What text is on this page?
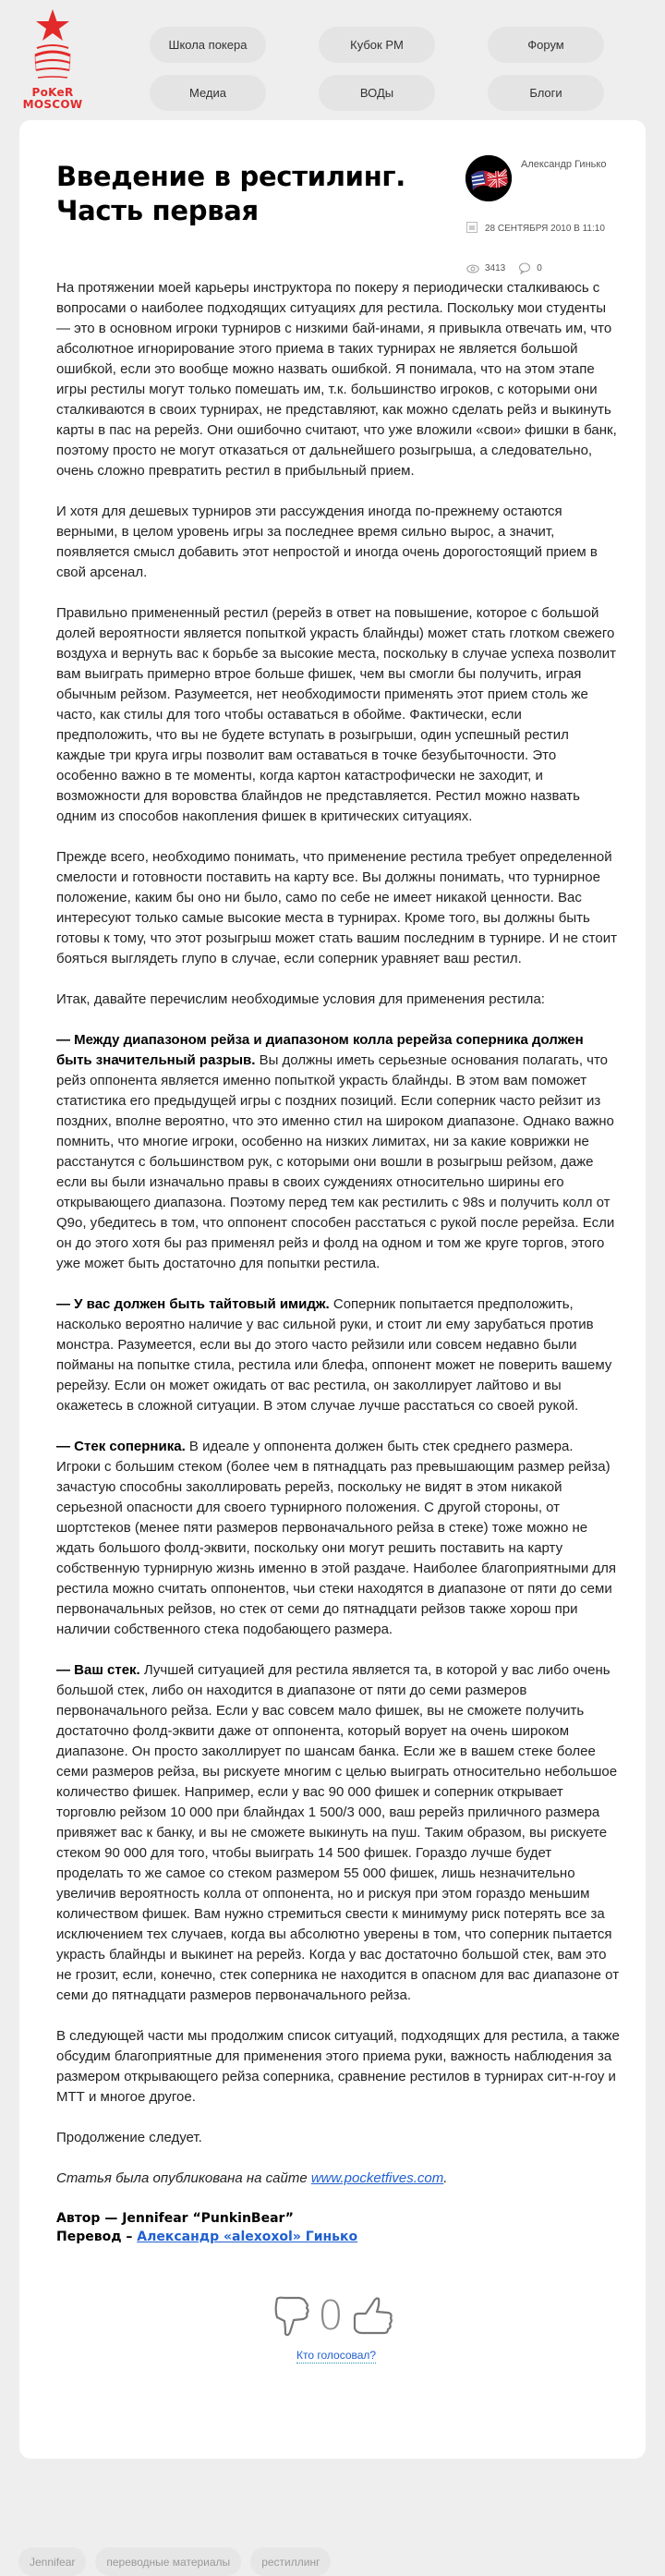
PoKeR
MOSCOW
Школа покера	Кубок PM	Форум
Медиа	ВОДы	Блоги
Введение в рестилинг. Часть первая
Александр Гинько
28 СЕНТЯБРЯ 2010 В 11:10
3413	0

На протяжении моей карьеры инструктора по покеру я периодически сталкиваюсь с вопросами о наиболее подходящих ситуациях для рестила. Поскольку мои студенты — это в основном игроки турниров с низкими бай-инами, я привыкла отвечать им, что абсолютное игнорирование этого приема в таких турнирах не является большой ошибкой, если это вообще можно назвать ошибкой. Я понимала, что на этом этапе игры рестилы могут только помешать им, т.к. большинство игроков, с которыми они сталкиваются в своих турнирах, не представляют, как можно сделать рейз и выкинуть карты в пас на ререйз. Они ошибочно считают, что уже вложили «свои» фишки в банк, поэтому просто не могут отказаться от дальнейшего розыгрыша, а следовательно, очень сложно превратить рестил в прибыльный прием.

И хотя для дешевых турниров эти рассуждения иногда по-прежнему остаются верными, в целом уровень игры за последнее время сильно вырос, а значит, появляется смысл добавить этот непростой и иногда очень дорогостоящий прием в свой арсенал.

Правильно примененный рестил (ререйз в ответ на повышение, которое с большой долей вероятности является попыткой украсть блайнды) может стать глотком свежего воздуха и вернуть вас к борьбе за высокие места, поскольку в случае успеха позволит вам выиграть примерно втрое больше фишек, чем вы смогли бы получить, играя обычным рейзом. Разумеется, нет необходимости применять этот прием столь же часто, как стилы для того чтобы оставаться в обойме. Фактически, если предположить, что вы не будете вступать в розыгрыши, один успешный рестил каждые три круга игры позволит вам оставаться в точке безубыточности. Это особенно важно в те моменты, когда картон катастрофически не заходит, и возможности для воровства блайндов не представляется. Рестил можно назвать одним из способов накопления фишек в критических ситуациях.

Прежде всего, необходимо понимать, что применение рестила требует определенной смелости и готовности поставить на карту все. Вы должны понимать, что турнирное положение, каким бы оно ни было, само по себе не имеет никакой ценности. Вас интересуют только самые высокие места в турнирах. Кроме того, вы должны быть готовы к тому, что этот розыгрыш может стать вашим последним в турнире. И не стоит бояться выглядеть глупо в случае, если соперник уравняет ваш рестил.

Итак, давайте перечислим необходимые условия для применения рестила:

— Между диапазоном рейза и диапазоном колла ререйза соперника должен быть значительный разрыв. Вы должны иметь серьезные основания полагать, что рейз оппонента является именно попыткой украсть блайнды. В этом вам поможет статистика его предыдущей игры с поздних позиций. Если соперник часто рейзит из поздних, вполне вероятно, что это именно стил на широком диапазоне. Однако важно помнить, что многие игроки, особенно на низких лимитах, ни за какие коврижки не расстанутся с большинством рук, с которыми они вошли в розыгрыш рейзом, даже если вы были изначально правы в своих суждениях относительно ширины его открывающего диапазона. Поэтому перед тем как рестилить с 98s и получить колл от Q9o, убедитесь в том, что оппонент способен расстаться с рукой после ререйза. Если он до этого хотя бы раз применял рейз и фолд на одном и том же круге торгов, этого уже может быть достаточно для попытки рестила.

— У вас должен быть тайтовый имидж. Соперник попытается предположить, насколько вероятно наличие у вас сильной руки, и стоит ли ему зарубаться против монстра. Разумеется, если вы до этого часто рейзили или совсем недавно были пойманы на попытке стила, рестила или блефа, оппонент может не поверить вашему ререйзу. Если он может ожидать от вас рестила, он заколлирует лайтово и вы окажетесь в сложной ситуации. В этом случае лучше расстаться со своей рукой.

— Стек соперника. В идеале у оппонента должен быть стек среднего размера. Игроки с большим стеком (более чем в пятнадцать раз превышающим размер рейза) зачастую способны заколлировать ререйз, поскольку не видят в этом никакой серьезной опасности для своего турнирного положения. С другой стороны, от шортстеков (менее пяти размеров первоначального рейза в стеке) тоже можно не ждать большого фолд-эквити, поскольку они могут решить поставить на карту собственную турнирную жизнь именно в этой раздаче. Наиболее благоприятными для рестила можно считать оппонентов, чьи стеки находятся в диапазоне от пяти до семи первоначальных рейзов, но стек от семи до пятнадцати рейзов также хорош при наличии собственного стека подобающего размера.

— Ваш стек. Лучшей ситуацией для рестила является та, в которой у вас либо очень большой стек, либо он находится в диапазоне от пяти до семи размеров первоначального рейза. Если у вас совсем мало фишек, вы не сможете получить достаточно фолд-эквити даже от оппонента, который ворует на очень широком диапазоне. Он просто заколлирует по шансам банка. Если же в вашем стеке более семи размеров рейза, вы рискуете многим с целью выиграть относительно небольшое количество фишек. Например, если у вас 90 000 фишек и соперник открывает торговлю рейзом 10 000 при блайндах 1 500/3 000, ваш ререйз приличного размера привяжет вас к банку, и вы не сможете выкинуть на пуш. Таким образом, вы рискуете стеком 90 000 для того, чтобы выиграть 14 500 фишек. Гораздо лучше будет проделать то же самое со стеком размером 55 000 фишек, лишь незначительно увеличив вероятность колла от оппонента, но и рискуя при этом гораздо меньшим количеством фишек. Вам нужно стремиться свести к минимуму риск потерять все за исключением тех случаев, когда вы абсолютно уверены в том, что соперник пытается украсть блайнды и выкинет на ререйз. Когда у вас достаточно большой стек, вам это не грозит, если, конечно, стек соперника не находится в опасном для вас диапазоне от семи до пятнадцати размеров первоначального рейза.

В следующей части мы продолжим список ситуаций, подходящих для рестила, а также обсудим благоприятные для применения этого приема руки, важность наблюдения за размером открывающего рейза соперника, сравнение рестилов в турнирах сит-н-гоу и МТТ и многое другое.

Продолжение следует.

Статья была опубликована на сайте www.pocketfives.com.

Автор — Jennifear “PunkinBear”
Перевод – Александр «alexoxol» Гинько
0
Кто голосовал?
Jennifear	переводные материалы	рестиллинг
